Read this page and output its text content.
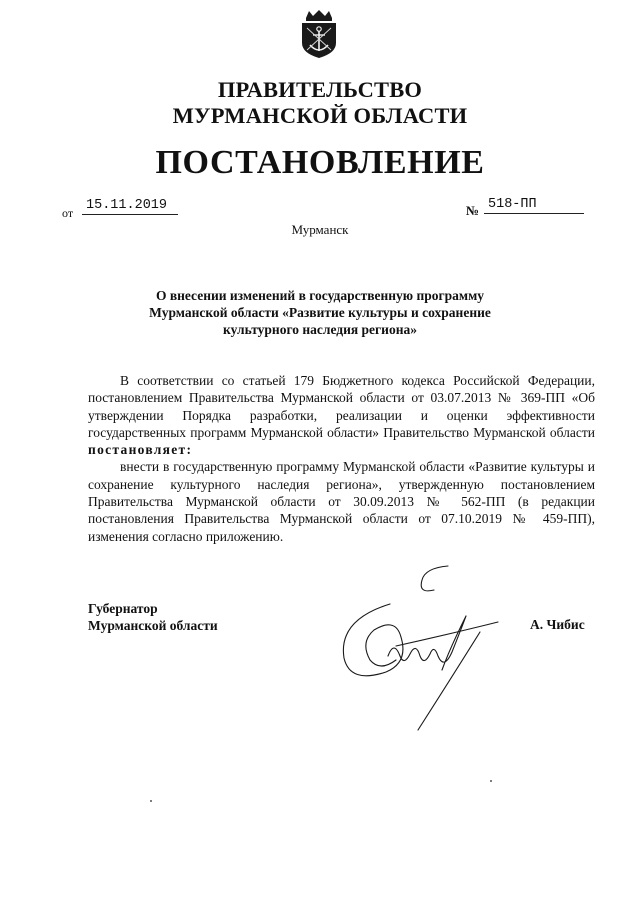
ПРАВИТЕЛЬСТВО
МУРМАНСКОЙ ОБЛАСТИ
ПОСТАНОВЛЕНИЕ
от 15.11.2019	№ 518-ПП
Мурманск
О внесении изменений в государственную программу
Мурманской области «Развитие культуры и сохранение
культурного наследия региона»

В соответствии со статьей 179 Бюджетного кодекса Российской Федерации, постановлением Правительства Мурманской области от 03.07.2013 № 369-ПП «Об утверждении Порядка разработки, реализации и оценки эффективности государственных программ Мурманской области» Правительство Мурманской области постановляет:

внести в государственную программу Мурманской области «Развитие культуры и сохранение культурного наследия региона», утвержденную постановлением Правительства Мурманской области от 30.09.2013 № 562-ПП (в редакции постановления Правительства Мурманской области от 07.10.2019 № 459-ПП), изменения согласно приложению.

Губернатор
Мурманской области	А. Чибис
